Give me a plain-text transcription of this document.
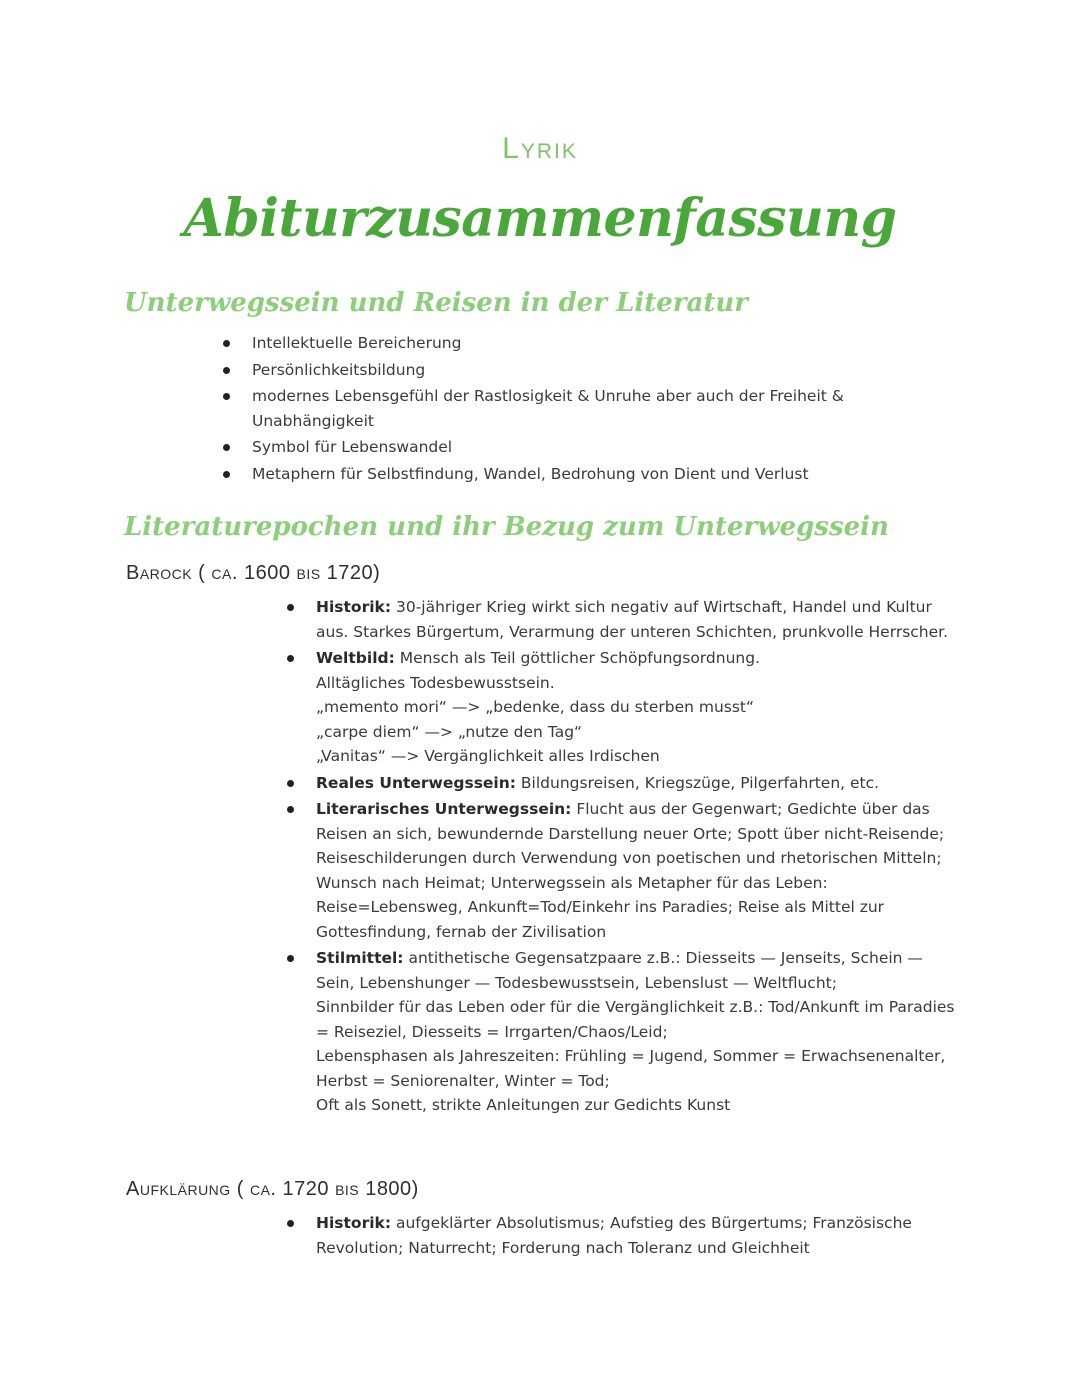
Lyrik
Abiturzusammenfassung
Unterwegssein und Reisen in der Literatur
Intellektuelle Bereicherung
Persönlichkeitsbildung
modernes Lebensgefühl der Rastlosigkeit & Unruhe aber auch der Freiheit & Unabhängigkeit
Symbol für Lebenswandel
Metaphern für Selbstfindung, Wandel, Bedrohung von Dient und Verlust
Literaturepochen und ihr Bezug zum Unterwegssein
Barock ( ca. 1600 bis 1720)
Historik: 30-jähriger Krieg wirkt sich negativ auf Wirtschaft, Handel und Kultur aus. Starkes Bürgertum, Verarmung der unteren Schichten, prunkvolle Herrscher.
Weltbild: Mensch als Teil göttlicher Schöpfungsordnung.
Alltägliches Todesbewusstsein.
„memento mori“ —> „bedenke, dass du sterben musst“
„carpe diem“ —> „nutze den Tag“
„Vanitas“ —> Vergänglichkeit alles Irdischen
Reales Unterwegssein: Bildungsreisen, Kriegszüge, Pilgerfahrten, etc.
Literarisches Unterwegssein: Flucht aus der Gegenwart; Gedichte über das Reisen an sich, bewundernde Darstellung neuer Orte; Spott über nicht-Reisende; Reiseschilderungen durch Verwendung von poetischen und rhetorischen Mitteln; Wunsch nach Heimat; Unterwegssein als Metapher für das Leben: Reise=Lebensweg, Ankunft=Tod/Einkehr ins Paradies; Reise als Mittel zur Gottesfindung, fernab der Zivilisation
Stilmittel: antithetische Gegensatzpaare z.B.: Diesseits — Jenseits, Schein — Sein, Lebenshunger — Todesbewusstsein, Lebenslust — Weltflucht;
Sinnbilder für das Leben oder für die Vergänglichkeit z.B.: Tod/Ankunft im Paradies = Reiseziel, Diesseits = Irrgarten/Chaos/Leid;
Lebensphasen als Jahreszeiten: Frühling = Jugend, Sommer = Erwachsenenalter, Herbst = Seniorenalter, Winter = Tod;
Oft als Sonett, strikte Anleitungen zur Gedichts Kunst
Aufklärung ( ca. 1720 bis 1800)
Historik: aufgeklärter Absolutismus; Aufstieg des Bürgertums; Französische Revolution; Naturrecht; Forderung nach Toleranz und Gleichheit
